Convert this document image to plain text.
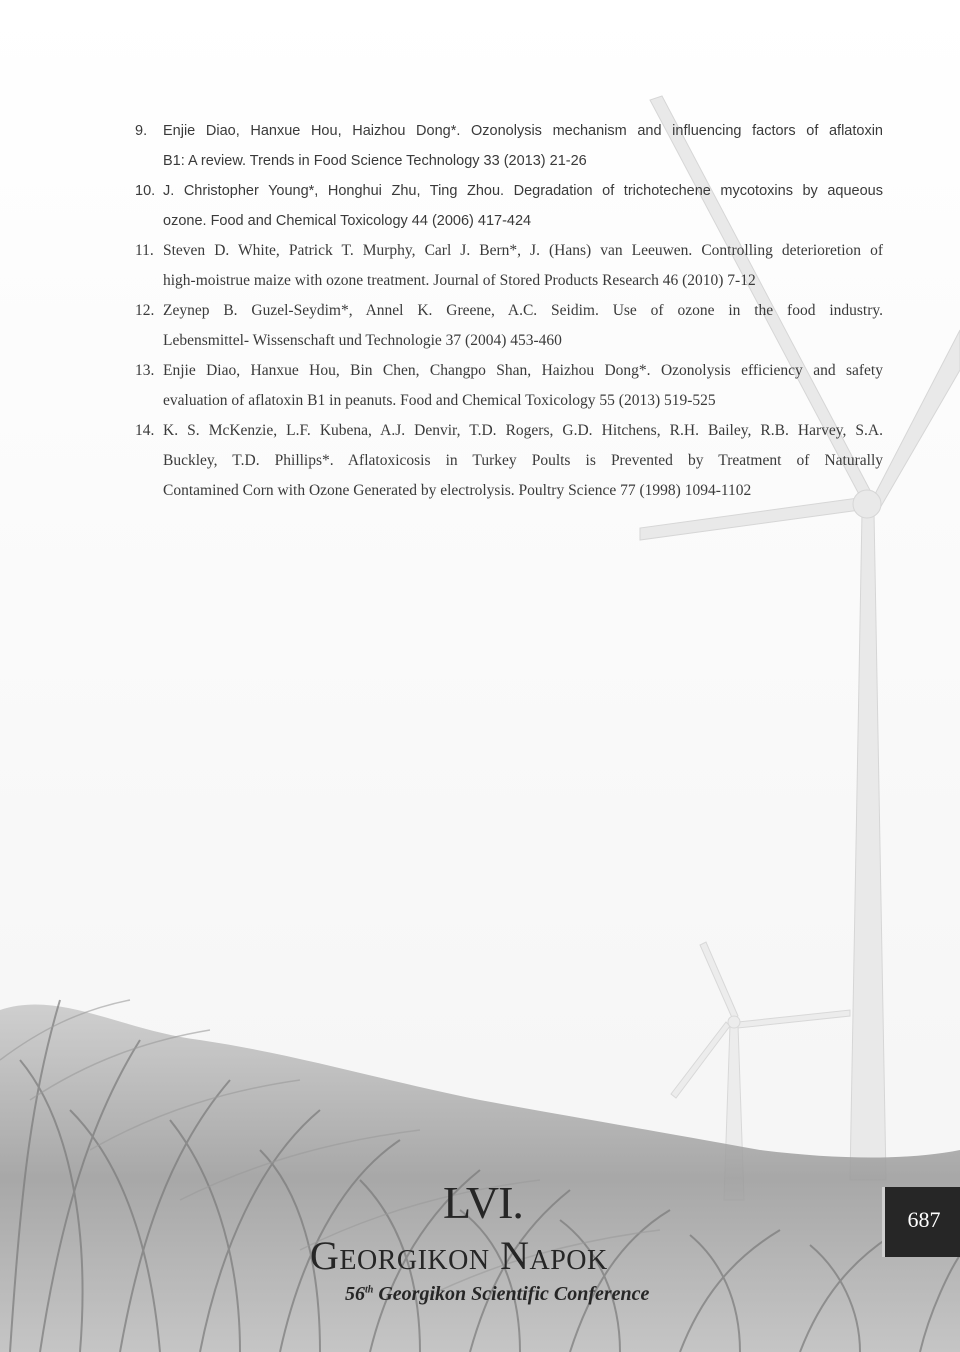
9. Enjie Diao, Hanxue Hou, Haizhou Dong*. Ozonolysis mechanism and influencing factors of aflatoxin
B1: A review. Trends in Food Science Technology 33 (2013) 21-26
10. J. Christopher Young*, Honghui Zhu, Ting Zhou. Degradation of trichotechene mycotoxins by aqueous
ozone. Food and Chemical Toxicology 44 (2006) 417-424
11. Steven D. White, Patrick T. Murphy, Carl J. Bern*, J. (Hans) van Leeuwen. Controlling deterioretion of
high-moistrue maize with ozone treatment. Journal of Stored Products Research 46 (2010) 7-12
12. Zeynep B. Guzel-Seydim*, Annel K. Greene, A.C. Seidim. Use of ozone in the food industry.
Lebensmittel- Wissenschaft und Technologie 37 (2004) 453-460
13. Enjie Diao, Hanxue Hou, Bin Chen, Changpo Shan, Haizhou Dong*. Ozonolysis efficiency and safety
evaluation of aflatoxin B1 in peanuts. Food and Chemical Toxicology 55 (2013) 519-525
14. K. S. McKenzie, L.F. Kubena, A.J. Denvir, T.D. Rogers, G.D. Hitchens, R.H. Bailey, R.B. Harvey, S.A.
Buckley, T.D. Phillips*. Aflatoxicosis in Turkey Poults is Prevented by Treatment of Naturally
Contamined Corn with Ozone Generated by electrolysis. Poultry Science 77 (1998) 1094-1102
LVI.
Georgikon Napok
56th Georgikon Scientific Conference
687
